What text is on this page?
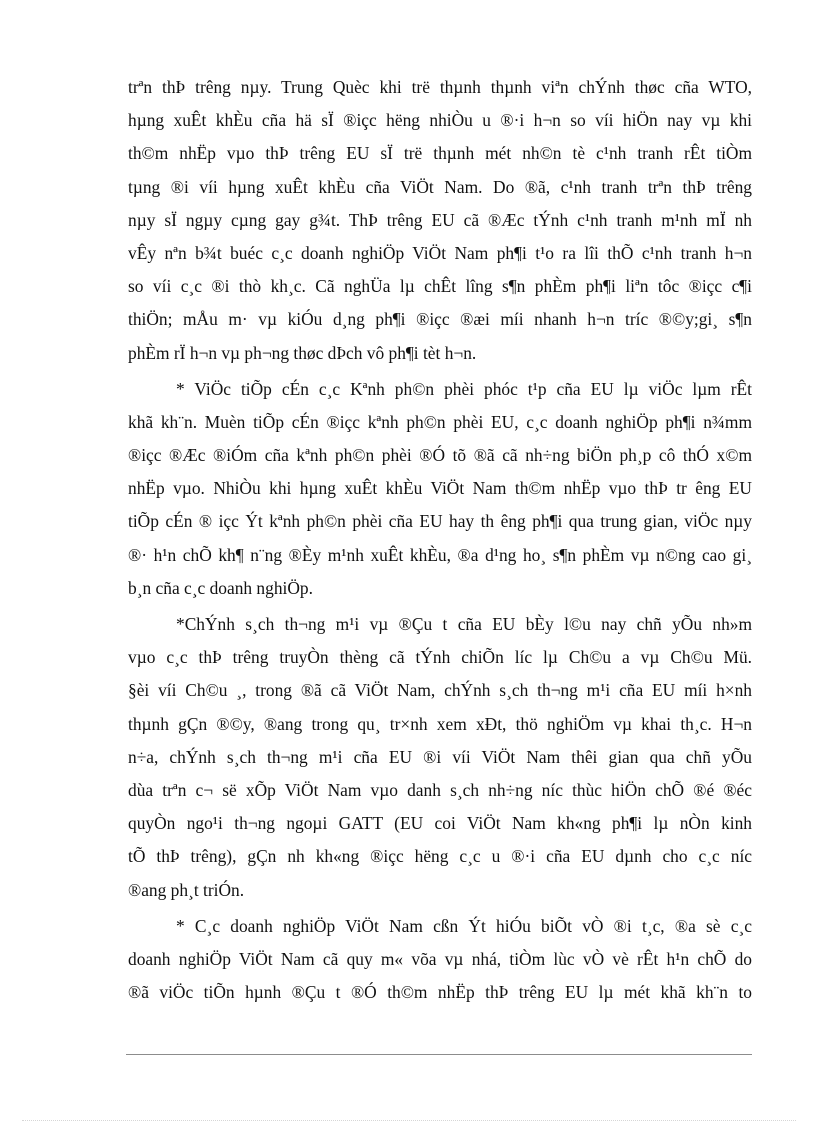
trªn thÞ trêng nµy. Trung Quèc khi trë thµnh thµnh viªn chÝnh thøc cña WTO,
hµng xuÊt khÈu cña hä sÏ ®içc hëng nhiÒu u ®·i h¬n so víi hiÖn nay vµ khi
th©m nhËp vµo thÞ trêng EU sÏ trë thµnh mét nh©n tè c¹nh tranh rÊt tiÒm
tµng ®i víi hµng xuÊt khÈu cña ViÖt Nam. Do ®ã, c¹nh tranh trªn thÞ trêng
nµy sÏ ngµy cµng gay g¾t. ThÞ trêng EU cã ®Æc tÝnh c¹nh tranh m¹nh mÏ nh
vÊy nªn b¾t buéc c¸c doanh nghiÖp ViÖt Nam ph¶i t¹o ra lîi thÕ c¹nh tranh h¬n
so víi c¸c ®i thò kh¸c. Cã nghÜa lµ chÊt lîng s¶n phÈm ph¶i liªn tôc ®içc c¶i
thiÖn; mÅu m· vµ kiÓu d¸ng ph¶i ®içc ®æi míi nhanh h¬n tríc ®©y;gi¸ s¶n
phÈm rÏ h¬n vµ ph¬ng thøc dÞch vô ph¶i tèt h¬n.
* ViÖc tiÕp cÉn c¸c Kªnh ph©n phèi phóc t¹p cña EU lµ viÖc lµm rÊt
khã kh¨n. Muèn tiÕp cÉn ®içc kªnh ph©n phèi EU, c¸c doanh nghiÖp ph¶i n¾mm
®içc ®Æc ®iÓm cña kªnh ph©n phèi ®Ó tõ ®ã cã nh÷ng biÖn ph¸p cô thÓ x©m
nhËp vµo. NhiÒu khi hµng xuÊt khÈu ViÖt Nam th©m nhËp vµo thÞ tr êng EU
tiÕp cÉn ® içc Ýt kªnh ph©n phèi cña EU hay th êng ph¶i qua trung gian, viÖc nµy
®· h¹n chÕ kh¶ n¨ng ®Èy m¹nh xuÊt khÈu, ®a d¹ng ho¸ s¶n phÈm vµ n©ng cao gi¸
b¸n cña c¸c doanh nghiÖp.
*ChÝnh s¸ch th¬ng m¹i vµ ®Çu t cña EU bÈy l©u nay chñ yÕu nh»m
vµo c¸c thÞ trêng truyÒn thèng cã tÝnh chiÕn líc lµ Ch©u a vµ Ch©u Mü.
§èi víi Ch©u ¸, trong ®ã cã ViÖt Nam, chÝnh s¸ch th¬ng m¹i cña EU míi h×nh
thµnh gÇn ®©y, ®ang trong qu¸ tr×nh xem xÐt, thö nghiÖm vµ khai th¸c. H¬n
n÷a, chÝnh s¸ch th¬ng m¹i cña EU ®i víi ViÖt Nam thêi gian qua chñ yÕu
dùa trªn c¬ së xÕp ViÖt Nam vµo danh s¸ch nh÷ng níc thùc hiÖn chÕ ®é ®éc
quyÒn ngo¹i th¬ng ngoµi GATT (EU coi ViÖt Nam kh«ng ph¶i lµ nÒn kinh
tÕ thÞ trêng), gÇn nh kh«ng ®içc hëng c¸c u ®·i cña EU dµnh cho c¸c níc
®ang ph¸t triÓn.
* C¸c doanh nghiÖp ViÖt Nam cßn Ýt hiÓu biÕt vÒ ®i t¸c, ®a sè c¸c
doanh nghiÖp ViÖt Nam cã quy m« võa vµ nhá, tiÒm lùc vÒ vè rÊt h¹n chÕ do
®ã viÖc tiÕn hµnh ®Çu t ®Ó th©m nhËp thÞ trêng EU lµ mét khã kh¨n to
